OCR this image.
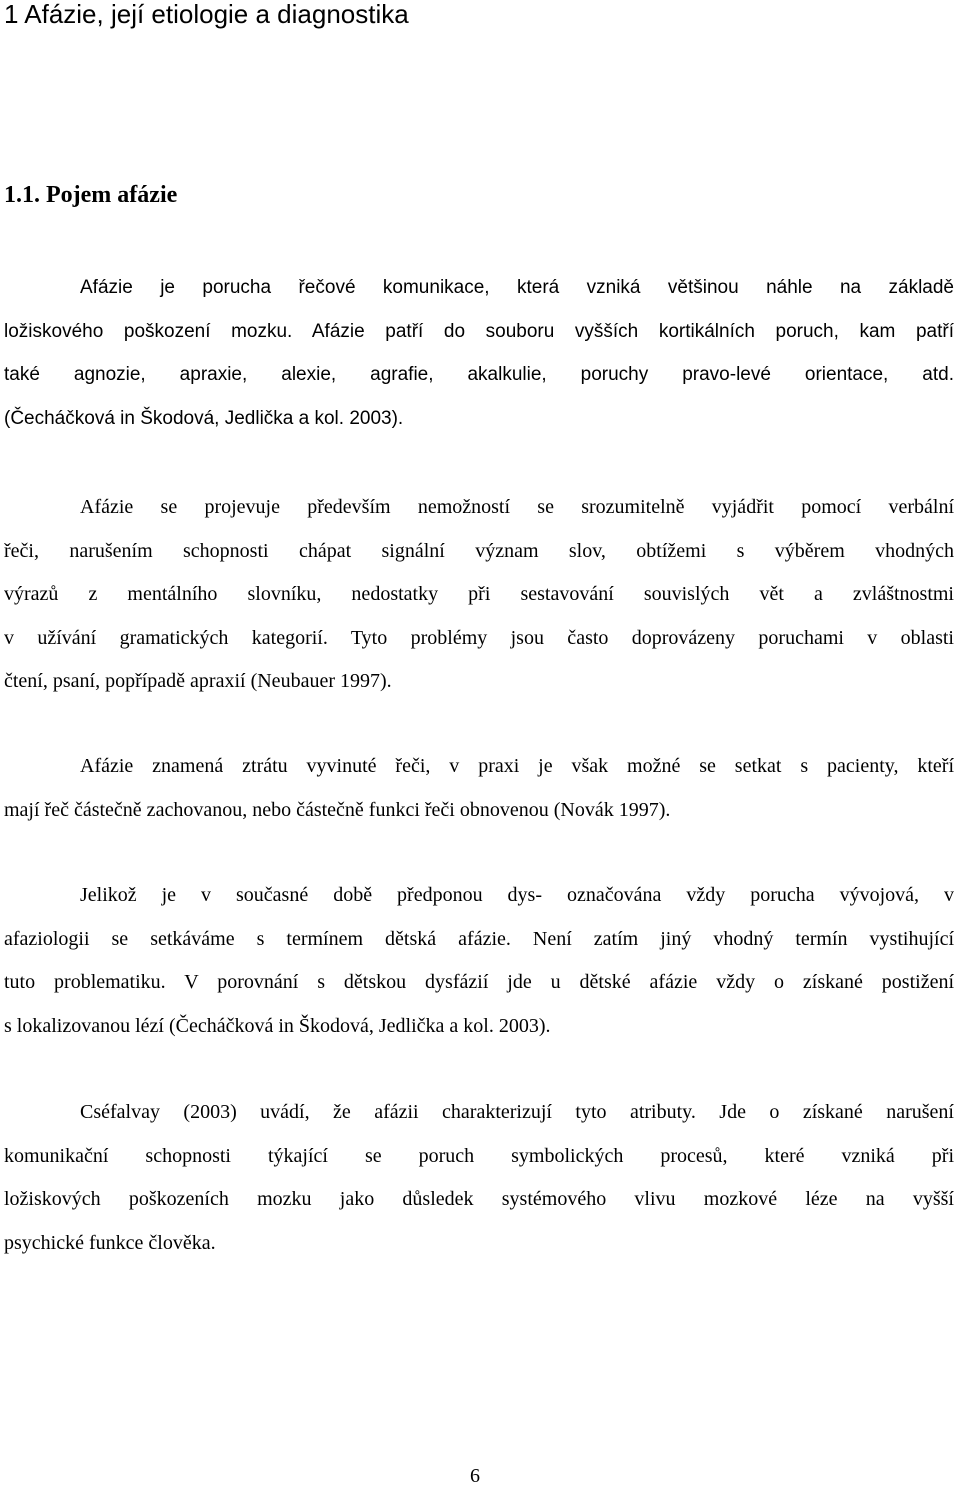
1 Afázie, její etiologie a diagnostika
1.1. Pojem afázie
Afázie je porucha řečové komunikace, která vzniká většinou náhle na základě
ložiskového poškození mozku. Afázie patří do souboru vyšších kortikálních poruch, kam patří
také agnozie, apraxie, alexie, agrafie, akalkulie, poruchy pravo-levé orientace, atd.
(Čecháčková in Škodová, Jedlička a kol. 2003).
Afázie se projevuje především nemožností se srozumitelně vyjádřit pomocí verbální
řeči, narušením schopnosti chápat signální význam slov, obtížemi s výběrem vhodných
výrazů z mentálního slovníku, nedostatky při sestavování souvislých vět a zvláštnostmi
v užívání gramatických kategorií. Tyto problémy jsou často doprovázeny poruchami v oblasti
čtení, psaní, popřípadě apraxií (Neubauer 1997).
Afázie znamená ztrátu vyvinuté řeči, v praxi je však možné se setkat s pacienty, kteří
mají řeč částečně zachovanou, nebo částečně funkci řeči obnovenou (Novák 1997).
Jelikož je v současné době předponou dys- označována vždy porucha vývojová, v
afaziologii se setkáváme s termínem dětská afázie. Není zatím jiný vhodný termín vystihující
tuto problematiku. V porovnání s dětskou dysfázií jde u dětské afázie vždy o získané postižení
s lokalizovanou lézí (Čecháčková in Škodová, Jedlička a kol. 2003).
Cséfalvay (2003) uvádí, že afázii charakterizují tyto atributy. Jde o získané narušení
komunikační schopnosti týkající se poruch symbolických procesů, které vzniká při
ložiskových poškozeních mozku jako důsledek systémového vlivu mozkové léze na vyšší
psychické funkce člověka.
6
